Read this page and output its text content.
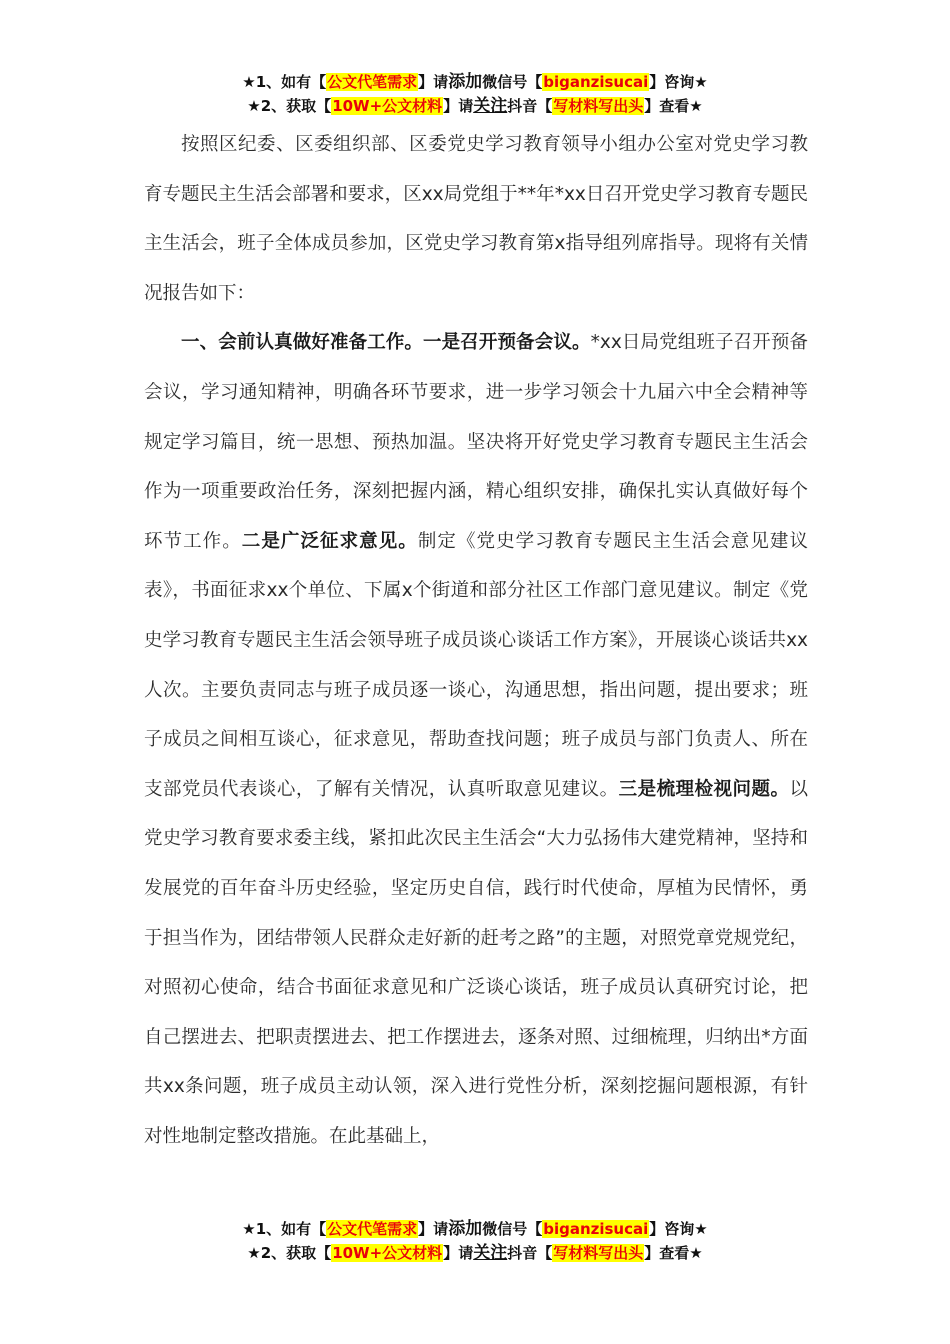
★1、如有【公文代笔需求】请添加微信号【biganzisucai】咨询★
★2、获取【10W+公文材料】请关注抖音【写材料写出头】查看★

按照区纪委、区委组织部、区委党史学习教育领导小组办公室对党史学习教育专题民主生活会部署和要求，区xx局党组于**年*xx日召开党史学习教育专题民主生活会，班子全体成员参加，区党史学习教育第x指导组列席指导。现将有关情况报告如下：

一、会前认真做好准备工作。一是召开预备会议。*xx日局党组班子召开预备会议，学习通知精神，明确各环节要求，进一步学习领会十九届六中全会精神等规定学习篇目，统一思想、预热加温。坚决将开好党史学习教育专题民主生活会作为一项重要政治任务，深刻把握内涵，精心组织安排，确保扎实认真做好每个环节工作。二是广泛征求意见。制定《党史学习教育专题民主生活会意见建议表》，书面征求xx个单位、下属x个街道和部分社区工作部门意见建议。制定《党史学习教育专题民主生活会领导班子成员谈心谈话工作方案》，开展谈心谈话共xx人次。主要负责同志与班子成员逐一谈心，沟通思想，指出问题，提出要求；班子成员之间相互谈心，征求意见，帮助查找问题；班子成员与部门负责人、所在支部党员代表谈心，了解有关情况，认真听取意见建议。三是梳理检视问题。以党史学习教育要求委主线，紧扣此次民主生活会“大力弘扬伟大建党精神，坚持和发展党的百年奋斗历史经验，坚定历史自信，践行时代使命，厚植为民情怀，勇于担当作为，团结带领人民群众走好新的赶考之路”的主题，对照党章党规党纪，对照初心使命，结合书面征求意见和广泛谈心谈话，班子成员认真研究讨论，把自己摆进去、把职责摆进去、把工作摆进去，逐条对照、过细梳理，归纳出*方面共xx条问题，班子成员主动认领，深入进行党性分析，深刻挖掘问题根源，有针对性地制定整改措施。在此基础上，

★1、如有【公文代笔需求】请添加微信号【biganzisucai】咨询★
★2、获取【10W+公文材料】请关注抖音【写材料写出头】查看★
